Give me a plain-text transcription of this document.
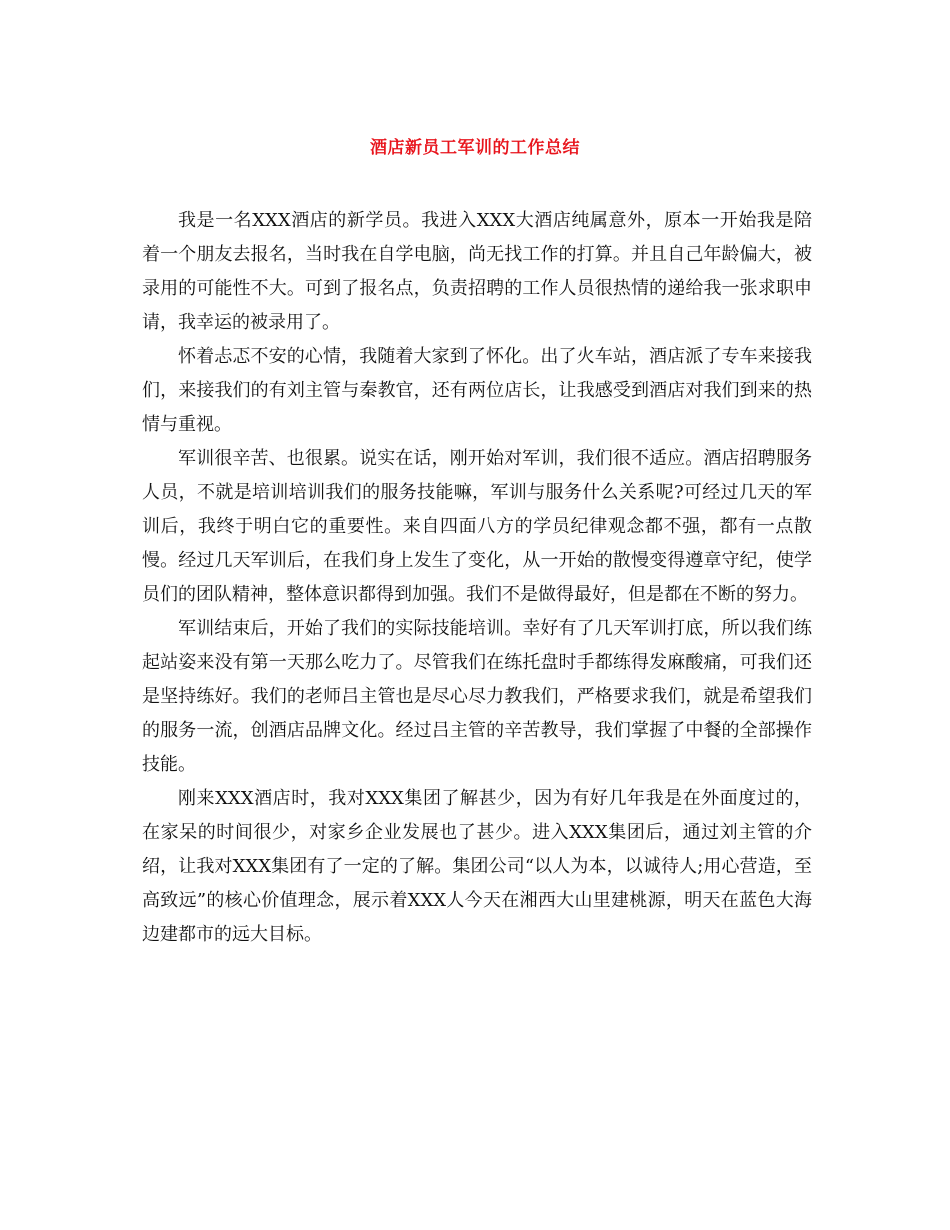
酒店新员工军训的工作总结

我是一名XXX酒店的新学员。我进入XXX大酒店纯属意外，原本一开始我是陪着一个朋友去报名，当时我在自学电脑，尚无找工作的打算。并且自己年龄偏大，被录用的可能性不大。可到了报名点，负责招聘的工作人员很热情的递给我一张求职申请，我幸运的被录用了。

怀着忐忑不安的心情，我随着大家到了怀化。出了火车站，酒店派了专车来接我们，来接我们的有刘主管与秦教官，还有两位店长，让我感受到酒店对我们到来的热情与重视。

军训很辛苦、也很累。说实在话，刚开始对军训，我们很不适应。酒店招聘服务人员，不就是培训培训我们的服务技能嘛，军训与服务什么关系呢?可经过几天的军训后，我终于明白它的重要性。来自四面八方的学员纪律观念都不强，都有一点散慢。经过几天军训后，在我们身上发生了变化，从一开始的散慢变得遵章守纪，使学员们的团队精神，整体意识都得到加强。我们不是做得最好，但是都在不断的努力。

军训结束后，开始了我们的实际技能培训。幸好有了几天军训打底，所以我们练起站姿来没有第一天那么吃力了。尽管我们在练托盘时手都练得发麻酸痛，可我们还是坚持练好。我们的老师吕主管也是尽心尽力教我们，严格要求我们，就是希望我们的服务一流，创酒店品牌文化。经过吕主管的辛苦教导，我们掌握了中餐的全部操作技能。

刚来XXX酒店时，我对XXX集团了解甚少，因为有好几年我是在外面度过的，在家呆的时间很少，对家乡企业发展也了甚少。进入XXX集团后，通过刘主管的介绍，让我对XXX集团有了一定的了解。集团公司“以人为本，以诚待人;用心营造，至高致远”的核心价值理念，展示着XXX人今天在湘西大山里建桃源，明天在蓝色大海边建都市的远大目标。
